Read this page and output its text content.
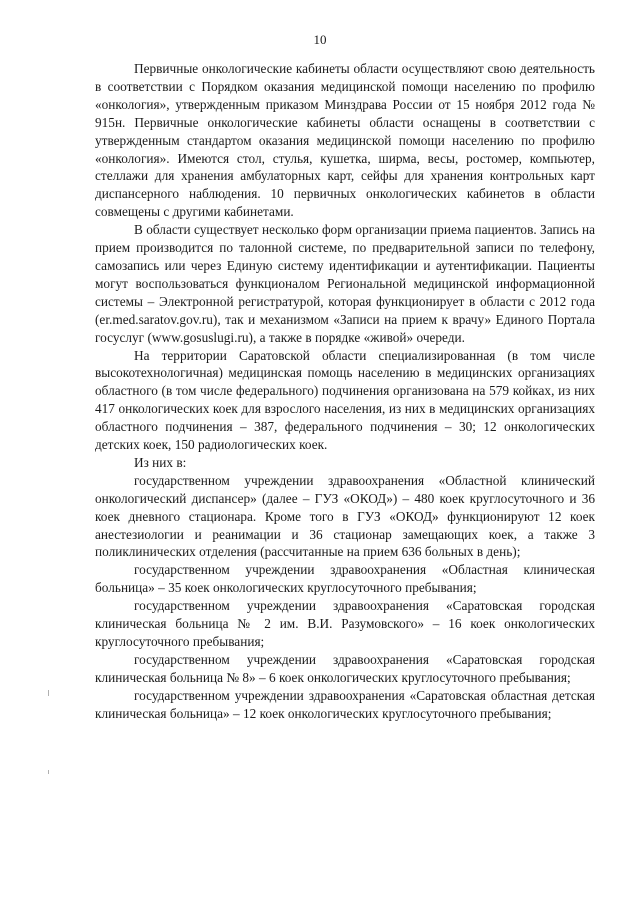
10

Первичные онкологические кабинеты области осуществляют свою деятельность в соответствии с Порядком оказания медицинской помощи населению по профилю «онкология», утвержденным приказом Минздрава России от 15 ноября 2012 года № 915н. Первичные онкологические кабинеты области оснащены в соответствии с утвержденным стандартом оказания медицинской помощи населению по профилю «онкология». Имеются стол, стулья, кушетка, ширма, весы, ростомер, компьютер, стеллажи для хранения амбулаторных карт, сейфы для хранения контрольных карт диспансерного наблюдения. 10 первичных онкологических кабинетов в области совмещены с другими кабинетами.

В области существует несколько форм организации приема пациентов. Запись на прием производится по талонной системе, по предварительной записи по телефону, самозапись или через Единую систему идентификации и аутентификации. Пациенты могут воспользоваться функционалом Региональной медицинской информационной системы – Электронной регистратурой, которая функционирует в области с 2012 года (er.med.saratov.gov.ru), так и механизмом «Записи на прием к врачу» Единого Портала госуслуг (www.gosuslugi.ru), а также в порядке «живой» очереди.

На территории Саратовской области специализированная (в том числе высокотехнологичная) медицинская помощь населению в медицинских организациях областного (в том числе федерального) подчинения организована на 579 койках, из них 417 онкологических коек для взрослого населения, из них в медицинских организациях областного подчинения – 387, федерального подчинения – 30; 12 онкологических детских коек, 150 радиологических коек.

Из них в:

государственном учреждении здравоохранения «Областной клинический онкологический диспансер» (далее – ГУЗ «ОКОД») – 480 коек круглосуточного и 36 коек дневного стационара. Кроме того в ГУЗ «ОКОД» функционируют 12 коек анестезиологии и реанимации и 36 стационар замещающих коек, а также 3 поликлинических отделения (рассчитанные на прием 636 больных в день);

государственном учреждении здравоохранения «Областная клиническая больница» – 35 коек онкологических круглосуточного пребывания;

государственном учреждении здравоохранения «Саратовская городская клиническая больница № 2 им. В.И. Разумовского» – 16 коек онкологических круглосуточного пребывания;

государственном учреждении здравоохранения «Саратовская городская клиническая больница № 8» – 6 коек онкологических круглосуточного пребывания;

государственном учреждении здравоохранения «Саратовская областная детская клиническая больница» – 12 коек онкологических круглосуточного пребывания;
